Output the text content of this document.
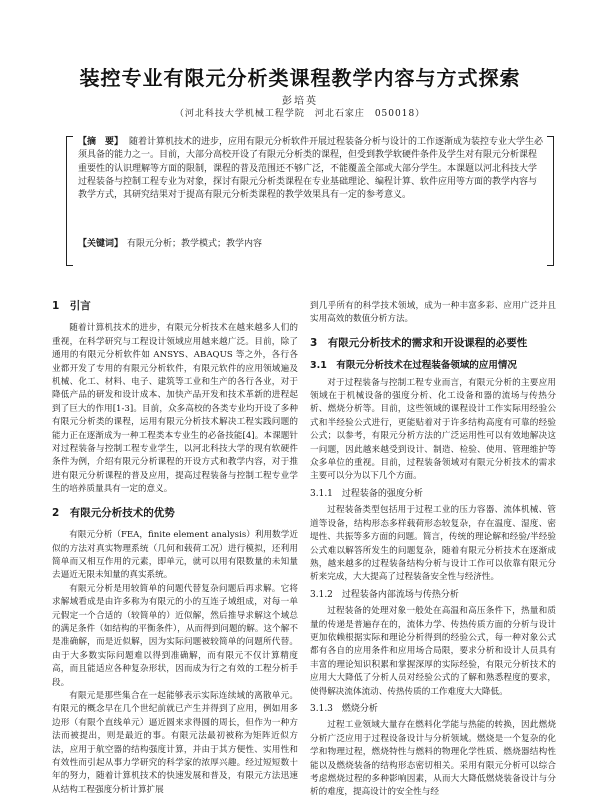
装控专业有限元分析类课程教学内容与方式探索
彭培英
（河北科技大学机械工程学院　河北石家庄　050018）
【摘　要】 随着计算机技术的进步，应用有限元分析软件开展过程装备分析与设计的工作逐渐成为装控专业大学生必须具备的能力之一。目前，大部分高校开设了有限元分析类的课程，但受到教学软硬件条件及学生对有限元分析课程重要性的认识理解等方面的限制，课程的普及范围还不够广泛，不能覆盖全部或大部分学生。本课题以河北科技大学过程装备与控制工程专业为对象，探讨有限元分析类课程在专业基础理论、编程计算、软件应用等方面的教学内容与教学方式，其研究结果对于提高有限元分析类课程的教学效果具有一定的参考意义。
【关键词】 有限元分析；教学模式；教学内容
1　引言

随着计算机技术的进步，有限元分析技术在越来越多人们的重视，在科学研究与工程设计领域应用越来越广泛。目前，除了通用的有限元分析软件如 ANSYS、ABAQUS 等之外，各行各业都开发了专用的有限元分析软件，有限元软件的应用领域遍及机械、化工、材料、电子、建筑等工业和生产的各行各业，对于降低产品的研发和设计成本、加快产品开发和技术革新的进程起到了巨大的作用[1-3]。目前，众多高校的各类专业均开设了多种有限元分析类的课程，运用有限元分析技术解决工程实践问题的能力正在逐渐成为一种工程类本专业生的必备技能[4]。本课题针对过程装备与控制工程专业学生，以河北科技大学的现有软硬件条件为例，介绍有限元分析课程的开设方式和教学内容，对于推进有限元分析课程的普及应用，提高过程装备与控制工程专业学生的培养质量具有一定的意义。

2　有限元分析技术的优势

有限元分析（FEA，finite element analysis）利用数学近似的方法对真实物理系统（几何和载荷工况）进行模拟，还利用简单而又相互作用的元素，即单元，就可以用有限数量的未知量去逼近无限未知量的真实系统。

有限元分析是用较简单的问题代替复杂问题后再求解。它将求解域看成是由许多称为有限元的小的互连子域组成，对每一单元假定一个合适的（较简单的）近似解，然后推导求解这个域总的满足条件（如结构的平衡条件），从而得到问题的解。这个解不是准确解，而是近似解，因为实际问题被较简单的问题所代替。由于大多数实际问题难以得到准确解，而有限元不仅计算精度高，而且能适应各种复杂形状，因而成为行之有效的工程分析手段。

有限元是那些集合在一起能够表示实际连续域的离散单元。有限元的概念早在几个世纪前就已产生并得到了应用，例如用多边形（有限个直线单元）逼近圆来求得圆的周长，但作为一种方法而被提出，则是最近的事。有限元法最初被称为矩阵近似方法，应用于航空器的结构强度计算，并由于其方便性、实用性和有效性而引起从事力学研究的科学家的浓厚兴趣。经过短短数十年的努力，随着计算机技术的快速发展和普及，有限元方法迅速从结构工程强度分析计算扩展

到几乎所有的科学技术领域，成为一种丰富多彩、应用广泛并且实用高效的数值分析方法。

3　有限元分析技术的需求和开设课程的必要性
3.1　有限元分析技术在过程装备领域的应用情况

对于过程装备与控制工程专业而言，有限元分析的主要应用领域在于机械设备的强度分析、化工设备和器的流场与传热分析、燃烧分析等。目前，这些领域的课程设计工作实际用经验公式和半经验公式进行，更能贴着对于许多结构高度有可靠的经验公式；以参考，有限元分析方法的广泛运用性可以有效地解决这一问题，因此越来越受到设计、制造、检验、使用、管理维护等众多单位的重视。目前，过程装备领域对有限元分析技术的需求主要可以分为以下几个方面。

3.1.1　过程装备的强度分析

过程装备类型包括用于过程工业的压力容器、流体机械、管道等设备，结构形态多样载荷形态较复杂，存在温度、湿度、密堤性、共振等多方面的问题。简言，传统的理论解和经验/半经验公式难以解答所发生的问题复杂，随着有限元分析技术在逐渐成熟，越来越多的过程装备结构分析与设计工作可以依靠有限元分析来完成，大大提高了过程装备安全性与经济性。

3.1.2　过程装备内部流场与传热分析

过程装备的处理对象一般处在高温和高压条件下，热量和质量的传递是普遍存在的，流体力学、传热传质方面的分析与设计更加依赖根据实际和理论分析得到的经验公式，每一种对象公式都有各自的应用条件和应用场合局限，要求分析和设计人员具有丰富的理论知识积累和掌握深厚的实际经验，有限元分析技术的应用大大降低了分析人员对经验公式的了解和熟悉程度的要求，使得解决流体流动、传热传质的工作难度大大降低。

3.1.3　燃烧分析

过程工业领域大量存在燃料化学能与热能的转换，因此燃烧分析广泛应用于过程设备设计与分析领域。燃烧是一个复杂的化学和物理过程，燃烧特性与燃料的物理化学性质、燃烧器结构性能以及燃烧装备的结构形态密切相关。采用有限元分析可以综合考虑燃烧过程的多种影响因素，从而大大降低燃烧装备设计与分析的难度，提高设计的安全性与经
